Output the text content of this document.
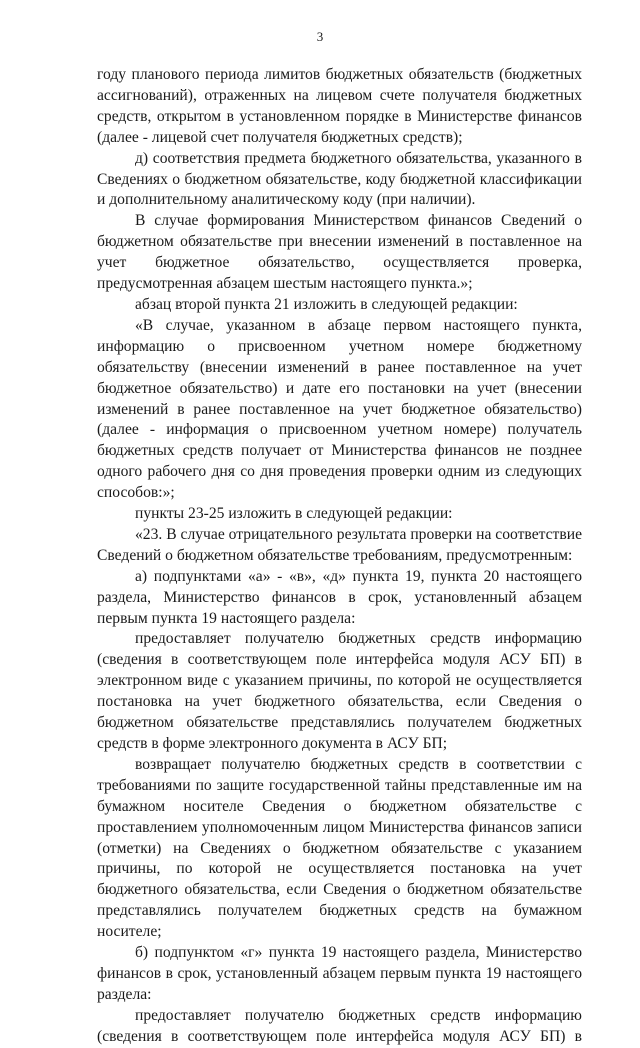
3

году планового периода лимитов бюджетных обязательств (бюджетных ассигнований), отраженных на лицевом счете получателя бюджетных средств, открытом в установленном порядке в Министерстве финансов (далее - лицевой счет получателя бюджетных средств);

д) соответствия предмета бюджетного обязательства, указанного в Сведениях о бюджетном обязательстве, коду бюджетной классификации и дополнительному аналитическому коду (при наличии).

В случае формирования Министерством финансов Сведений о бюджетном обязательстве при внесении изменений в поставленное на учет бюджетное обязательство, осуществляется проверка, предусмотренная абзацем шестым настоящего пункта.»;

абзац второй пункта 21 изложить в следующей редакции:

«В случае, указанном в абзаце первом настоящего пункта, информацию о присвоенном учетном номере бюджетному обязательству (внесении изменений в ранее поставленное на учет бюджетное обязательство) и дате его постановки на учет (внесении изменений в ранее поставленное на учет бюджетное обязательство) (далее - информация о присвоенном учетном номере) получатель бюджетных средств получает от Министерства финансов не позднее одного рабочего дня со дня проведения проверки одним из следующих способов:»;

пункты 23-25 изложить в следующей редакции:

«23. В случае отрицательного результата проверки на соответствие Сведений о бюджетном обязательстве требованиям, предусмотренным:

а) подпунктами «а» - «в», «д» пункта 19, пункта 20 настоящего раздела, Министерство финансов в срок, установленный абзацем первым пункта 19 настоящего раздела:

предоставляет получателю бюджетных средств информацию
(сведения в соответствующем поле интерфейса модуля АСУ БП) в электронном виде с указанием причины, по которой не осуществляется постановка на учет бюджетного обязательства, если Сведения о бюджетном обязательстве представлялись получателем бюджетных средств в форме электронного документа в АСУ БП;

возвращает получателю бюджетных средств в соответствии с требованиями по защите государственной тайны представленные им на бумажном носителе Сведения о бюджетном обязательстве с проставлением уполномоченным лицом Министерства финансов записи (отметки) на Сведениях о бюджетном обязательстве с указанием причины, по которой не осуществляется постановка на учет бюджетного обязательства, если Сведения о бюджетном обязательстве представлялись получателем бюджетных средств на бумажном носителе;

б) подпунктом «г» пункта 19 настоящего раздела, Министерство финансов в срок, установленный абзацем первым пункта 19 настоящего раздела:

предоставляет получателю бюджетных средств информацию
(сведения в соответствующем поле интерфейса модуля АСУ БП) в
